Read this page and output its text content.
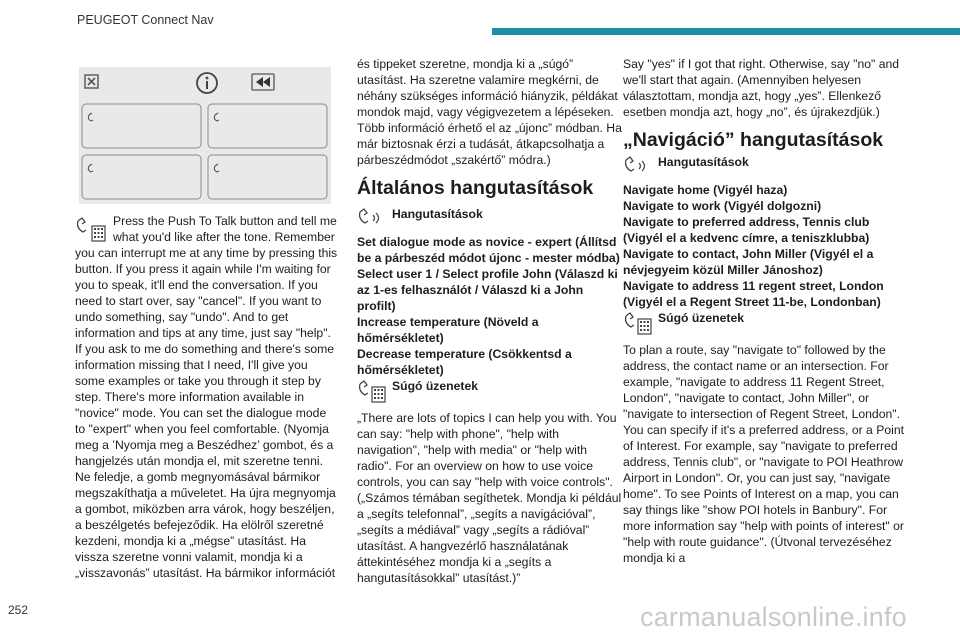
PEUGEOT Connect Nav

Press the Push To Talk button and tell me what you'd like after the tone. Remember you can interrupt me at any time by pressing this button. If you press it again while I'm waiting for you to speak, it'll end the conversation. If you need to start over, say "cancel". If you want to undo something, say "undo". And to get information and tips at any time, just say "help". If you ask to me do something and there's some information missing that I need, I'll give you some examples or take you through it step by step. There's more information available in "novice" mode. You can set the dialogue mode to "expert" when you feel comfortable. (Nyomja meg a ’Nyomja meg a Beszédhez’ gombot, és a hangjelzés után mondja el, mit szeretne tenni. Ne feledje, a gomb megnyomásával bármikor megszakíthatja a műveletet. Ha újra megnyomja a gombot, miközben arra várok, hogy beszéljen, a beszélgetés befejeződik. Ha elölről szeretné kezdeni, mondja ki a „mégse” utasítást. Ha vissza szeretne vonni valamit, mondja ki a „visszavonás” utasítást. Ha bármikor információt

és tippeket szeretne, mondja ki a „súgó” utasítást. Ha szeretne valamire megkérni, de néhány szükséges információ hiányzik, példákat mondok majd, vagy végigvezetem a lépéseken. Több információ érhető el az „újonc” módban. Ha már biztosnak érzi a tudását, átkapcsolhatja a párbeszédmódot „szakértő” módra.)

Általános hangutasítások
Hangutasítások
Set dialogue mode as novice - expert (Állítsd be a párbeszéd módot újonc - mester módba)
Select user 1 / Select profile John (Válaszd ki az 1-es felhasználót / Válaszd ki a John profilt)
Increase temperature (Növeld a hőmérsékletet)
Decrease temperature (Csökkentsd a hőmérsékletet)
Súgó üzenetek

„There are lots of topics I can help you with. You can say: "help with phone", "help with navigation", "help with media" or "help with radio". For an overview on how to use voice controls, you can say "help with voice controls". („Számos témában segíthetek. Mondja ki például a „segíts telefonnal”, „segíts a navigációval”, „segíts a médiával” vagy „segíts a rádióval” utasítást. A hangvezérlő használatának áttekintéséhez mondja ki a „segíts a hangutasításokkal” utasítást.)”

Say "yes" if I got that right. Otherwise, say "no" and we'll start that again. (Amennyiben helyesen választottam, mondja azt, hogy „yes”. Ellenkező esetben mondja azt, hogy „no”, és újrakezdjük.)

„Navigáció” hangutasítások
Hangutasítások
Navigate home (Vigyél haza)
Navigate to work (Vigyél dolgozni)
Navigate to preferred address, Tennis club (Vigyél el a kedvenc címre, a teniszklubba)
Navigate to contact, John Miller (Vigyél el a névjegyeim közül Miller Jánoshoz)
Navigate to address 11 regent street, London (Vigyél el a Regent Street 11-be, Londonban)
Súgó üzenetek

To plan a route, say "navigate to" followed by the address, the contact name or an intersection. For example, "navigate to address 11 Regent Street, London", "navigate to contact, John Miller", or "navigate to intersection of Regent Street, London". You can specify if it's a preferred address, or a Point of Interest. For example, say "navigate to preferred address, Tennis club", or "navigate to POI Heathrow Airport in London". Or, you can just say, "navigate home". To see Points of Interest on a map, you can say things like "show POI hotels in Banbury". For more information say "help with points of interest" or "help with route guidance". (Útvonal tervezéséhez mondja ki a

252	carmanualsonline.info
